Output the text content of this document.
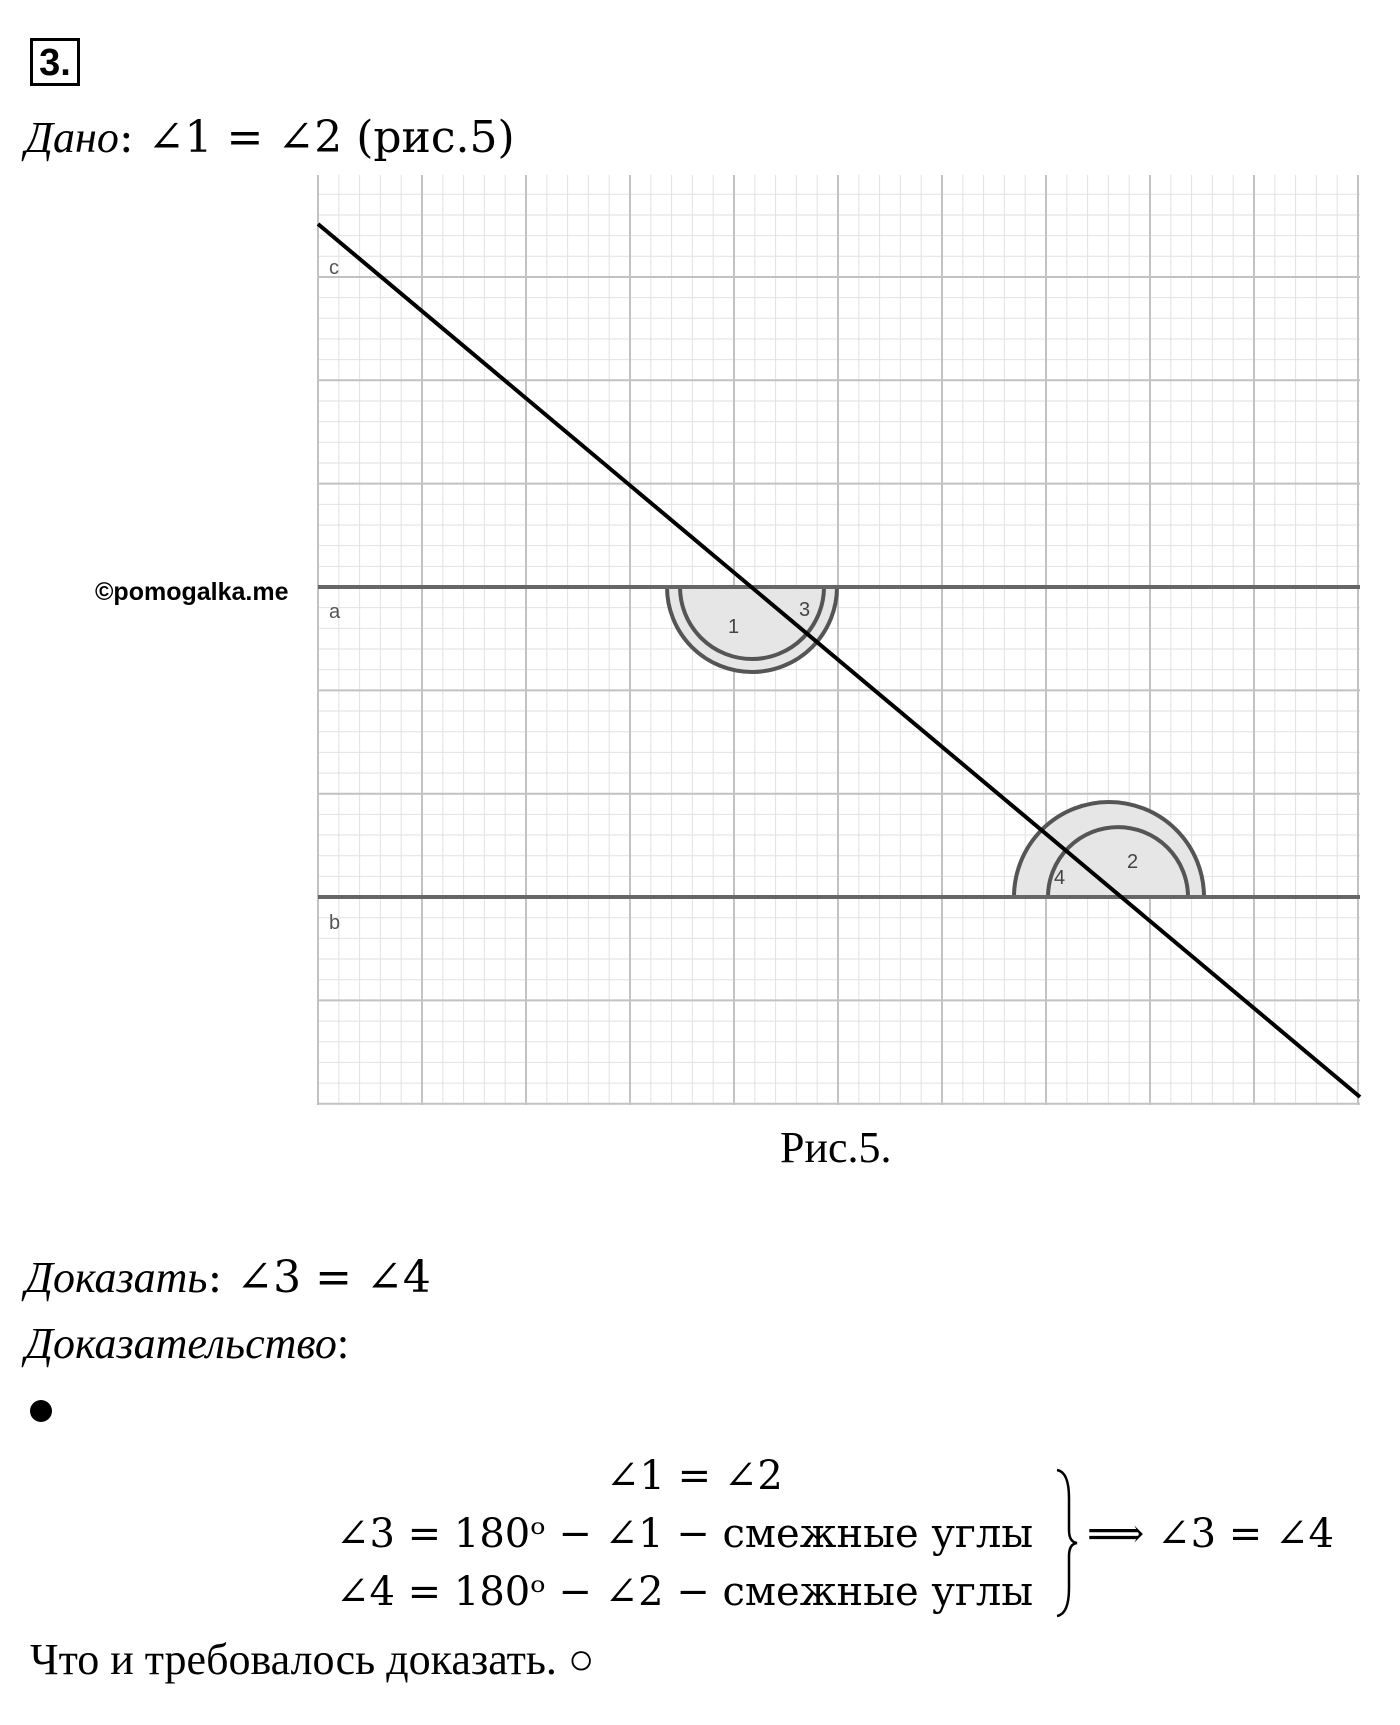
3.
Дано: ∠1 = ∠2 (рис.5)
c
a
b
1
3
2
4
©pomogalka.me
Рис.5.
Доказать: ∠3 = ∠4
Доказательство:
∠1 = ∠2
∠3 = 180ᵒ − ∠1 − смежные углы
∠4 = 180ᵒ − ∠2 − смежные углы
⟹ ∠3 = ∠4
Что и требовалось доказать. ○
